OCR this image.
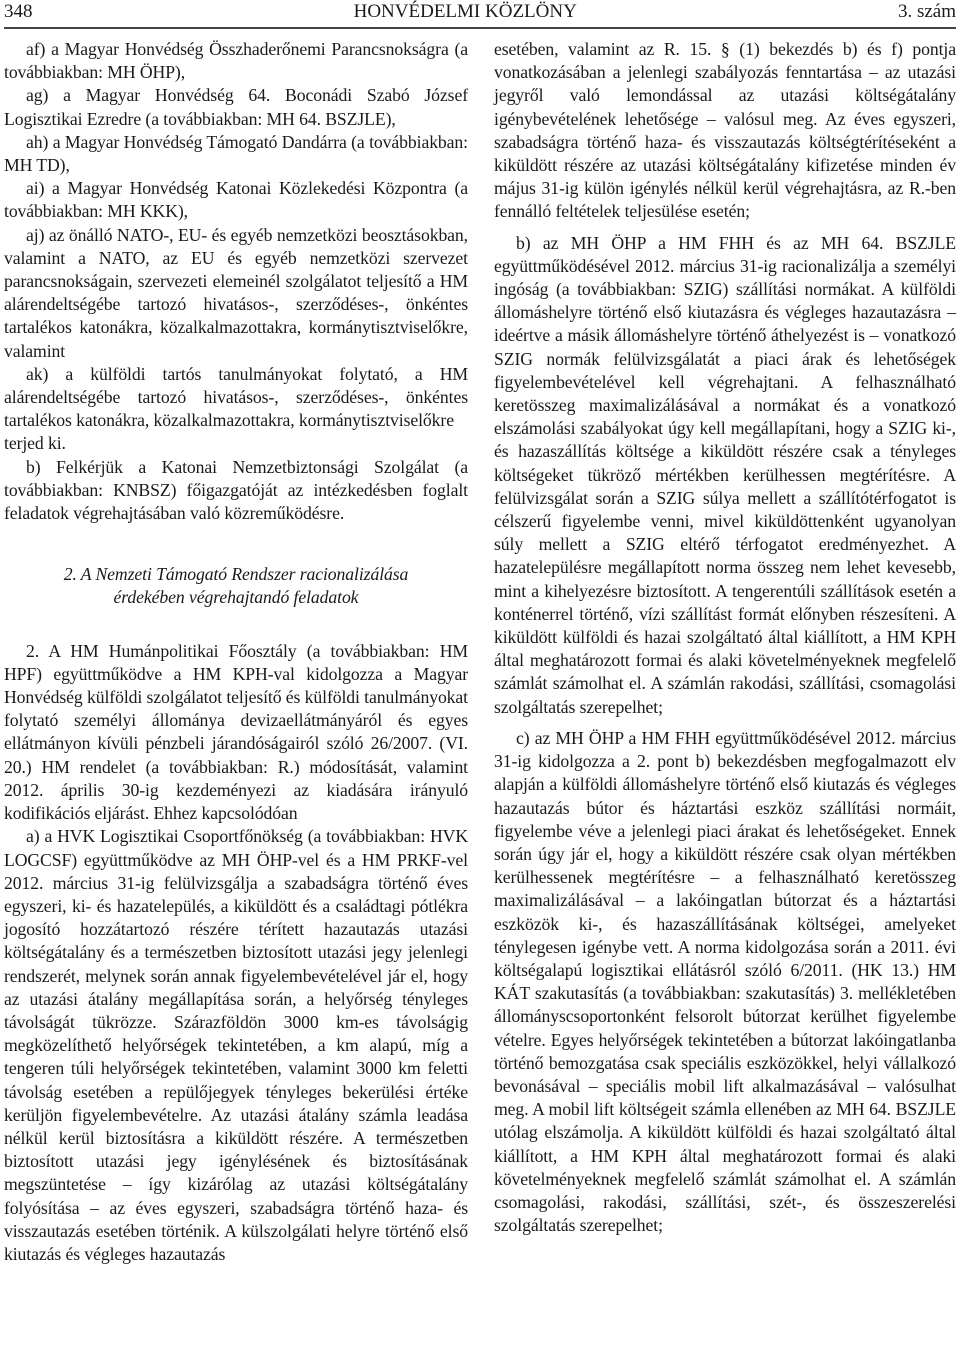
348	HONVÉDELMI KÖZLÖNY	3. szám

af) a Magyar Honvédség Összhaderőnemi Parancsnokságra (a továbbiakban: MH ÖHP),

ag) a Magyar Honvédség 64. Boconádi Szabó József Logisztikai Ezredre (a továbbiakban: MH 64. BSZJLE),

ah) a Magyar Honvédség Támogató Dandárra (a továbbiakban: MH TD),

ai) a Magyar Honvédség Katonai Közlekedési Központra (a továbbiakban: MH KKK),

aj) az önálló NATO-, EU- és egyéb nemzetközi beosztásokban, valamint a NATO, az EU és egyéb nemzetközi szervezet parancsnokságain, szervezeti elemeinél szolgálatot teljesítő a HM alárendeltségébe tartozó hivatásos-, szerződéses-, önkéntes tartalékos katonákra, közalkalmazottakra, kormánytisztviselőkre, valamint

ak) a külföldi tartós tanulmányokat folytató, a HM alárendeltségébe tartozó hivatásos-, szerződéses-, önkéntes tartalékos katonákra, közalkalmazottakra, kormánytisztviselőkre

terjed ki.

b) Felkérjük a Katonai Nemzetbiztonsági Szolgálat (a továbbiakban: KNBSZ) főigazgatóját az intézkedésben foglalt feladatok végrehajtásában való közreműködésre.

2. A Nemzeti Támogató Rendszer racionalizálása

érdekében végrehajtandó feladatok

2. A HM Humánpolitikai Főosztály (a továbbiakban: HM HPF) együttműködve a HM KPH-val kidolgozza a Magyar Honvédség külföldi szolgálatot teljesítő és külföldi tanulmányokat folytató személyi állománya devizaellátmányáról és egyes ellátmányon kívüli pénzbeli járandóságairól szóló 26/2007. (VI. 20.) HM rendelet (a továbbiakban: R.) módosítását, valamint 2012. április 30-ig kezdeményezi az kiadására irányuló kodifikációs eljárást. Ehhez kapcsolódóan

a) a HVK Logisztikai Csoportfőnökség (a továbbiakban: HVK LOGCSF) együttműködve az MH ÖHP-vel és a HM PRKF-vel 2012. március 31-ig felülvizsgálja a szabadságra történő éves egyszeri, ki- és hazatelepülés, a kiküldött és a családtagi pótlékra jogosító hozzátartozó részére térített hazautazás utazási költségátalány és a természetben biztosított utazási jegy jelenlegi rendszerét, melynek során annak figyelembevételével jár el, hogy az utazási átalány megállapítása során, a helyőrség tényleges távolságát tükrözze. Szárazföldön 3000 km-es távolságig megközelíthető helyőrségek tekintetében, a km alapú, míg a tengeren túli helyőrségek tekintetében, valamint 3000 km feletti távolság esetében a repülőjegyek tényleges bekerülési értéke kerüljön figyelembevételre. Az utazási átalány számla leadása nélkül kerül biztosításra a kiküldött részére. A természetben biztosított utazási jegy igénylésének és biztosításának megszüntetése – így kizárólag az utazási költségátalány folyósítása – az éves egyszeri, szabadságra történő haza- és visszautazás esetében történik. A külszolgálati helyre történő első kiutazás és végleges hazautazás

esetében, valamint az R. 15. § (1) bekezdés b) és f) pontja vonatkozásában a jelenlegi szabályozás fenntartása – az utazási jegyről való lemondással az utazási költségátalány igénybevételének lehetősége – valósul meg. Az éves egyszeri, szabadságra történő haza- és visszautazás költségtérítéseként a kiküldött részére az utazási költségátalány kifizetése minden év május 31-ig külön igénylés nélkül kerül végrehajtásra, az R.-ben fennálló feltételek teljesülése esetén;

b) az MH ÖHP a HM FHH és az MH 64. BSZJLE együttműködésével 2012. március 31-ig racionalizálja a személyi ingóság (a továbbiakban: SZIG) szállítási normákat. A külföldi állomáshelyre történő első kiutazásra és végleges hazautazásra – ideértve a másik állomáshelyre történő áthelyezést is – vonatkozó SZIG normák felülvizsgálatát a piaci árak és lehetőségek figyelembevételével kell végrehajtani. A felhasználható keretösszeg maximalizálásával a normákat és a vonatkozó elszámolási szabályokat úgy kell megállapítani, hogy a SZIG ki-, és hazaszállítás költsége a kiküldött részére csak a tényleges költségeket tükröző mértékben kerülhessen megtérítésre. A felülvizsgálat során a SZIG súlya mellett a szállítótérfogatot is célszerű figyelembe venni, mivel kiküldöttenként ugyanolyan súly mellett a SZIG eltérő térfogatot eredményezhet. A hazatelepülésre megállapított norma összeg nem lehet kevesebb, mint a kihelyezésre biztosított. A tengerentúli szállítások esetén a konténerrel történő, vízi szállítást formát előnyben részesíteni. A kiküldött külföldi és hazai szolgáltató által kiállított, a HM KPH által meghatározott formai és alaki követelményeknek megfelelő számlát számolhat el. A számlán rakodási, szállítási, csomagolási szolgáltatás szerepelhet;

c) az MH ÖHP a HM FHH együttműködésével 2012. március 31-ig kidolgozza a 2. pont b) bekezdésben megfogalmazott elv alapján a külföldi állomáshelyre történő első kiutazás és végleges hazautazás bútor és háztartási eszköz szállítási normáit, figyelembe véve a jelenlegi piaci árakat és lehetőségeket. Ennek során úgy jár el, hogy a kiküldött részére csak olyan mértékben kerülhessenek megtérítésre – a felhasználható keretösszeg maximalizálásával – a lakóingatlan bútorzat és a háztartási eszközök ki-, és hazaszállításának költségei, amelyeket ténylegesen igénybe vett. A norma kidolgozása során a 2011. évi költségalapú logisztikai ellátásról szóló 6/2011. (HK 13.) HM KÁT szakutasítás (a továbbiakban: szakutasítás) 3. mellékletében állományscsoportonként felsorolt bútorzat kerülhet figyelembe vételre. Egyes helyőrségek tekintetében a bútorzat lakóingatlanba történő bemozgatása csak speciális eszközökkel, helyi vállalkozó bevonásával – speciális mobil lift alkalmazásával – valósulhat meg. A mobil lift költségeit számla ellenében az MH 64. BSZJLE utólag elszámolja. A kiküldött külföldi és hazai szolgáltató által kiállított, a HM KPH által meghatározott formai és alaki követelményeknek megfelelő számlát számolhat el. A számlán csomagolási, rakodási, szállítási, szét-, és összeszerelési szolgáltatás szerepelhet;
